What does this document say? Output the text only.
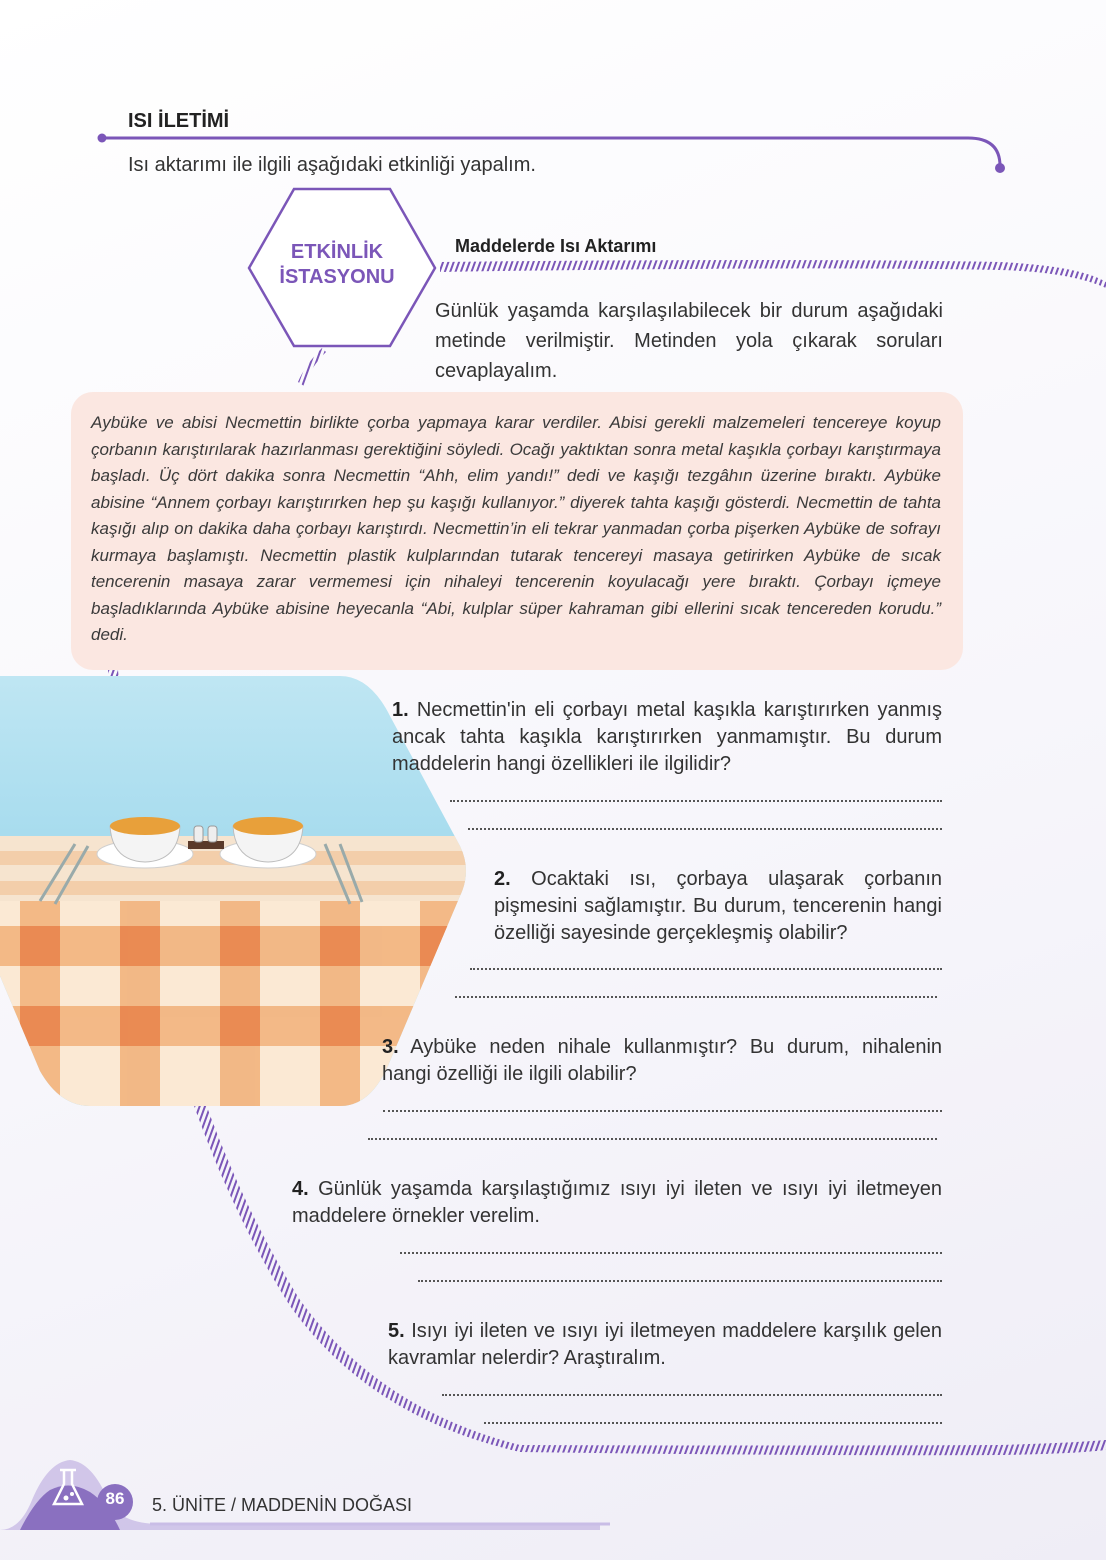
ISI İLETİMİ
Isı aktarımı ile ilgili aşağıdaki etkinliği yapalım.
ETKİNLİK
İSTASYONU
Maddelerde Isı Aktarımı
Günlük yaşamda karşılaşılabilecek bir durum aşağıdaki metinde verilmiştir. Metinden yola çıkarak soruları cevaplayalım.
Aybüke ve abisi Necmettin birlikte çorba yapmaya karar verdiler. Abisi gerekli malzemeleri tencereye koyup çorbanın karıştırılarak hazırlanması gerektiğini söyledi. Ocağı yaktıktan sonra metal kaşıkla çorbayı karıştırmaya başladı. Üç dört dakika sonra Necmettin “Ahh, elim yandı!” dedi ve kaşığı tezgâhın üzerine bıraktı. Aybüke abisine “Annem çorbayı karıştırırken hep şu kaşığı kullanıyor.” diyerek tahta kaşığı gösterdi. Necmettin de tahta kaşığı alıp on dakika daha çorbayı karıştırdı. Necmettin’in eli tekrar yanmadan çorba pişerken Aybüke de sofrayı kurmaya başlamıştı. Necmettin plastik kulplarından tutarak tencereyi masaya getirirken Aybüke de sıcak tencerenin masaya zarar vermemesi için nihaleyi tencerenin koyulacağı yere bıraktı. Çorbayı içmeye başladıklarında Aybüke abisine heyecanla “Abi, kulplar süper kahraman gibi ellerini sıcak tencereden korudu.” dedi.
1. Necmettin'in eli çorbayı metal kaşıkla karıştırırken yanmış ancak tahta kaşıkla karıştırırken yanmamıştır. Bu durum maddelerin hangi özellikleri ile ilgilidir?
2. Ocaktaki ısı, çorbaya ulaşarak çorbanın pişmesini sağlamıştır. Bu durum, tencerenin hangi özelliği sayesinde gerçekleşmiş olabilir?
3. Aybüke neden nihale kullanmıştır? Bu durum, nihalenin hangi özelliği ile ilgili olabilir?
4. Günlük yaşamda karşılaştığımız ısıyı iyi ileten ve ısıyı iyi iletmeyen maddelere örnekler verelim.
5. Isıyı iyi ileten ve ısıyı iyi iletmeyen maddelere karşılık gelen kavramlar nelerdir? Araştıralım.
86	5. ÜNİTE / MADDENİN DOĞASI
